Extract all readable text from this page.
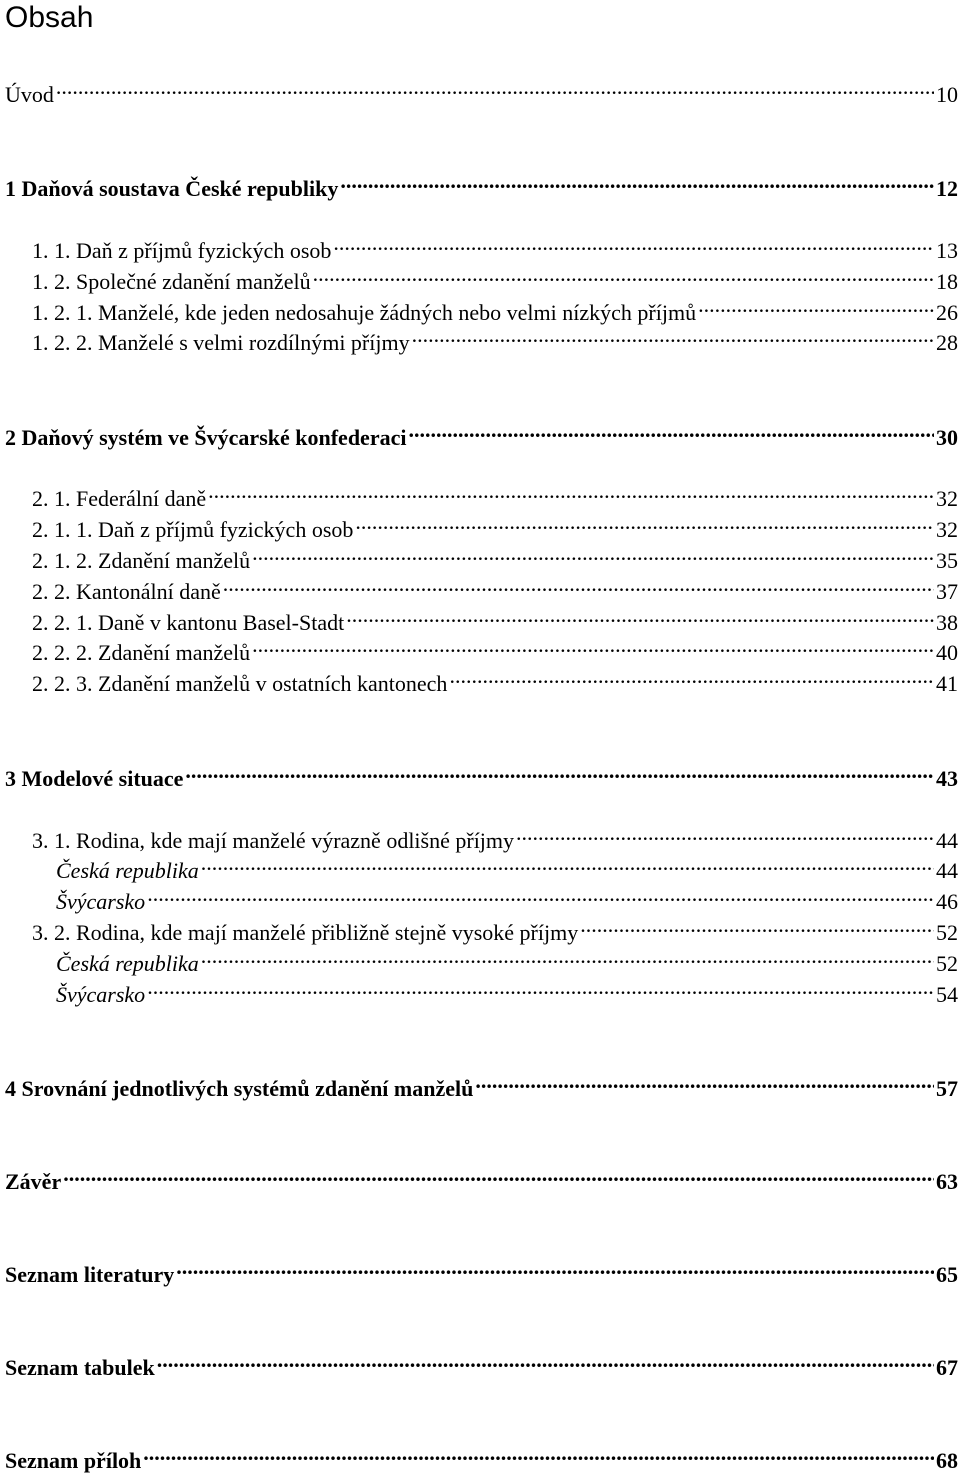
Obsah
Úvod .....	10
1 Daňová soustava České republiky .....	12
1. 1. Daň z příjmů fyzických osob .....	13
1. 2. Společné zdanění manželů .....	18
1. 2. 1. Manželé, kde jeden nedosahuje žádných nebo velmi nízkých příjmů .....	26
1. 2. 2. Manželé s velmi rozdílnými příjmy .....	28
2 Daňový systém ve Švýcarské konfederaci .....	30
2. 1. Federální daně .....	32
2. 1. 1. Daň z příjmů fyzických osob .....	32
2. 1. 2. Zdanění manželů .....	35
2. 2. Kantonální daně .....	37
2. 2. 1. Daně v kantonu Basel-Stadt .....	38
2. 2. 2. Zdanění manželů .....	40
2. 2. 3. Zdanění manželů v ostatních kantonech .....	41
3 Modelové situace .....	43
3. 1. Rodina, kde mají manželé výrazně odlišné příjmy .....	44
Česká republika .....	44
Švýcarsko .....	46
3. 2. Rodina, kde mají manželé přibližně stejně vysoké příjmy .....	52
Česká republika .....	52
Švýcarsko .....	54
4 Srovnání jednotlivých systémů zdanění manželů .....	57
Závěr .....	63
Seznam literatury .....	65
Seznam tabulek .....	67
Seznam příloh .....	68
